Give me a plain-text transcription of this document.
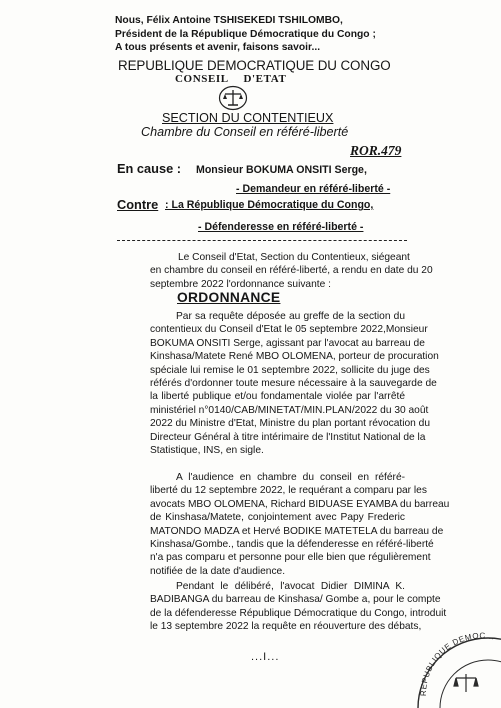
Nous, Félix Antoine TSHISEKEDI TSHILOMBO,
Président de la République Démocratique du Congo ;
A tous présents et avenir, faisons savoir...
REPUBLIQUE DEMOCRATIQUE DU CONGO
CONSEIL D'ETAT
SECTION DU CONTENTIEUX
Chambre du Conseil en référé-liberté
ROR.479
En cause : Monsieur BOKUMA ONSITI Serge,
- Demandeur en référé-liberté -
Contre : La République Démocratique du Congo,
- Défenderesse en référé-liberté -
Le Conseil d'Etat, Section du Contentieux, siégeant
en chambre du conseil en référé-liberté, a rendu en date du 20
septembre 2022 l'ordonnance suivante :
ORDONNANCE
Par sa requête déposée au greffe de la section du
contentieux du Conseil d'Etat le 05 septembre 2022,Monsieur
BOKUMA ONSITI Serge, agissant par l'avocat au barreau de
Kinshasa/Matete René MBO OLOMENA, porteur de procuration
spéciale lui remise le 01 septembre 2022, sollicite du juge des
référés d'ordonner toute mesure nécessaire à la sauvegarde de
la liberté publique et/ou fondamentale violée par l'arrêté
ministériel n°0140/CAB/MINETAT/MIN.PLAN/2022 du 30 août
2022 du Ministre d'Etat, Ministre du plan portant révocation du
Directeur Général à titre intérimaire de l'Institut National de la
Statistique, INS, en sigle.
A l'audience en chambre du conseil en référé-
liberté du 12 septembre 2022, le requérant a comparu par les
avocats MBO OLOMENA, Richard BIDUASE EYAMBA du barreau
de Kinshasa/Matete, conjointement avec Papy Frederic
MATONDO MADZA et Hervé BODIKE MATETELA du barreau de
Kinshasa/Gombe., tandis que la défenderesse en référé-liberté
n'a pas comparu et personne pour elle bien que régulièrement
notifiée de la date d'audience.
Pendant le délibéré, l'avocat Didier DIMINA K.
BADIBANGA du barreau de Kinshasa/ Gombe a, pour le compte
de la défenderesse République Démocratique du Congo, introduit
le 13 septembre 2022 la requête en réouverture des débats,
...I...
REPUBLIQUE DEMOC...
